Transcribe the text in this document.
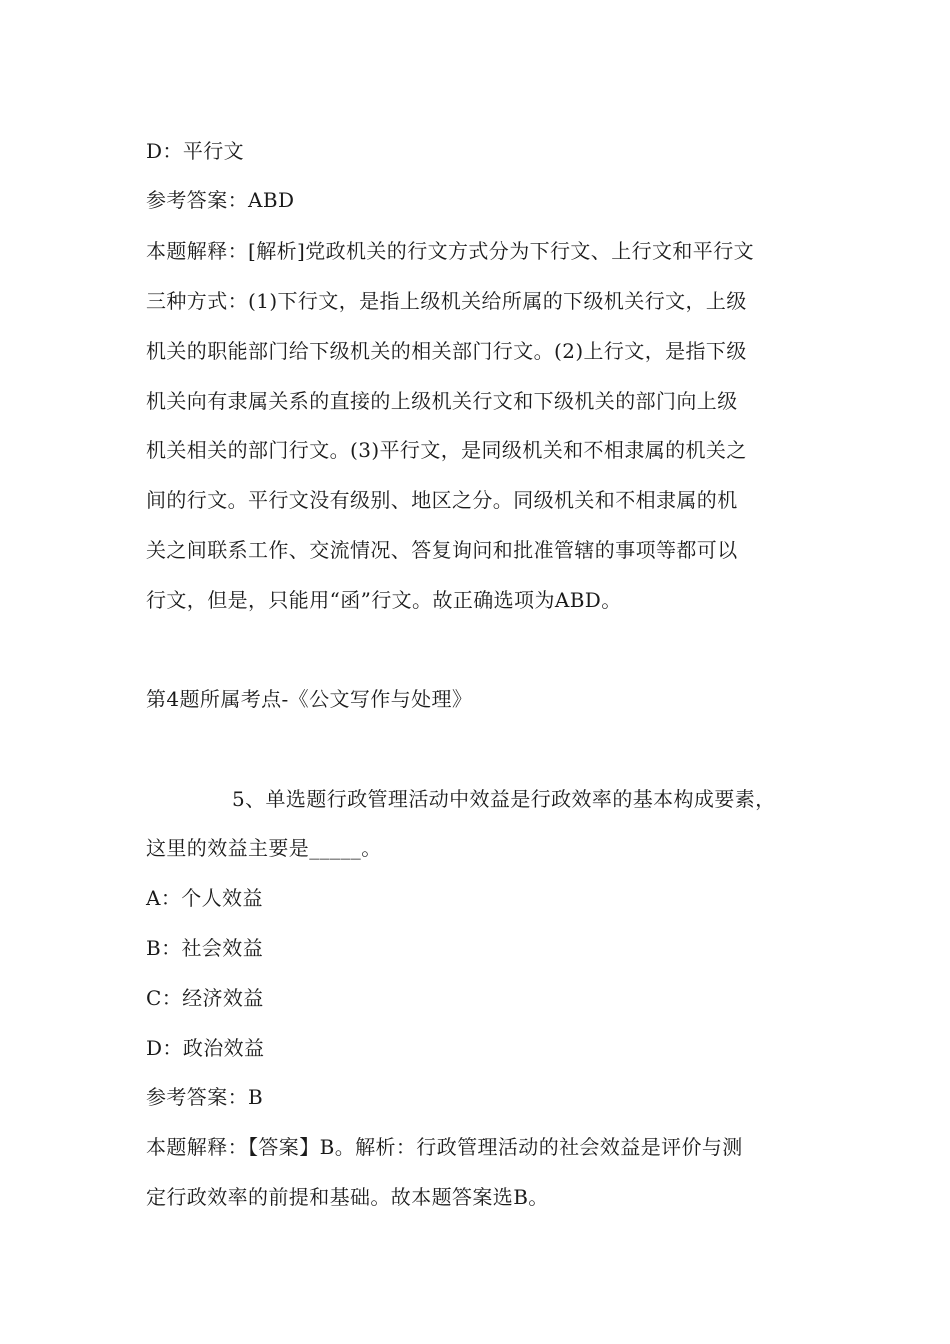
D：平行文
参考答案：ABD
本题解释：[解析]党政机关的行文方式分为下行文、上行文和平行文
三种方式：(1)下行文，是指上级机关给所属的下级机关行文，上级
机关的职能部门给下级机关的相关部门行文。(2)上行文，是指下级
机关向有隶属关系的直接的上级机关行文和下级机关的部门向上级
机关相关的部门行文。(3)平行文，是同级机关和不相隶属的机关之
间的行文。平行文没有级别、地区之分。同级机关和不相隶属的机
关之间联系工作、交流情况、答复询问和批准管辖的事项等都可以
行文，但是，只能用“函”行文。故正确选项为ABD。
第4题所属考点-《公文写作与处理》
5、单选题行政管理活动中效益是行政效率的基本构成要素，
这里的效益主要是_____。
A：个人效益
B：社会效益
C：经济效益
D：政治效益
参考答案：B
本题解释：【答案】B。解析：行政管理活动的社会效益是评价与测
定行政效率的前提和基础。故本题答案选B。
